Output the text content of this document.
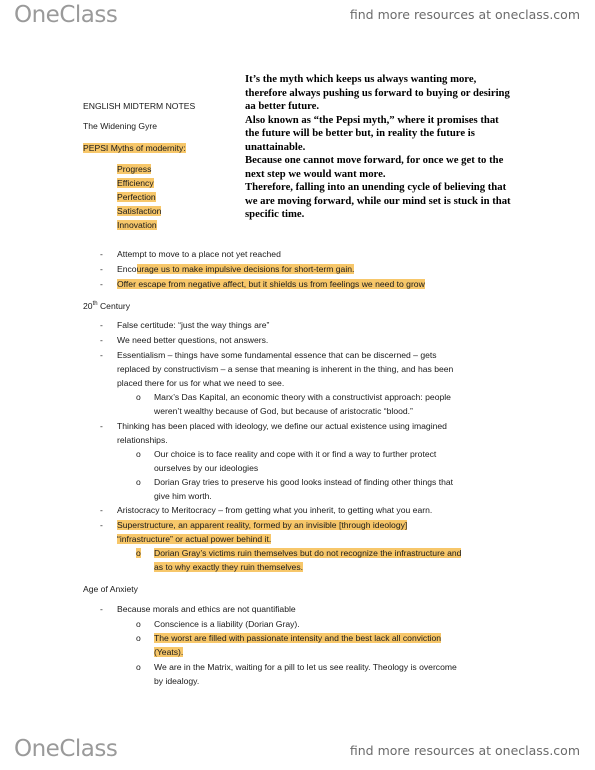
OneClass	find more resources at oneclass.com

It’s the myth which keeps us always wanting more, therefore always pushing us forward to buying or desiring aa better future.

Also known as “the Pepsi myth,” where it promises that the future will be better but, in reality the future is unattainable.

Because one cannot move forward, for once we get to the next step we would want more.

Therefore, falling into an unending cycle of believing that we are moving forward, while our mind set is stuck in that specific time.

ENGLISH MIDTERM NOTES
The Widening Gyre
PEPSI Myths of modernity:
Progress
Efficiency
Perfection
Satisfaction
Innovation
- Attempt to move to a place not yet reached
- Encourage us to make impulsive decisions for short-term gain.
- Offer escape from negative affect, but it shields us from feelings we need to grow
20th Century
- False certitude: “just the way things are”
- We need better questions, not answers.
- Essentialism – things have some fundamental essence that can be discerned – gets
replaced by constructivism – a sense that meaning is inherent in the thing, and has been
placed there for us for what we need to see.
o Marx’s Das Kapital, an economic theory with a constructivist approach: people
weren’t wealthy because of God, but because of aristocratic “blood.”
- Thinking has been placed with ideology, we define our actual existence using imagined
relationships.
o Our choice is to face reality and cope with it or find a way to further protect
ourselves by our ideologies
o Dorian Gray tries to preserve his good looks instead of finding other things that
give him worth.
- Aristocracy to Meritocracy – from getting what you inherit, to getting what you earn.
- Superstructure, an apparent reality, formed by an invisible [through ideology]
“infrastructure” or actual power behind it.
o Dorian Gray’s victims ruin themselves but do not recognize the infrastructure and
as to why exactly they ruin themselves.
Age of Anxiety
- Because morals and ethics are not quantifiable
o Conscience is a liability (Dorian Gray).
o The worst are filled with passionate intensity and the best lack all conviction
(Yeats).
o We are in the Matrix, waiting for a pill to let us see reality. Theology is overcome
by idealogy.
OneClass	find more resources at oneclass.com
